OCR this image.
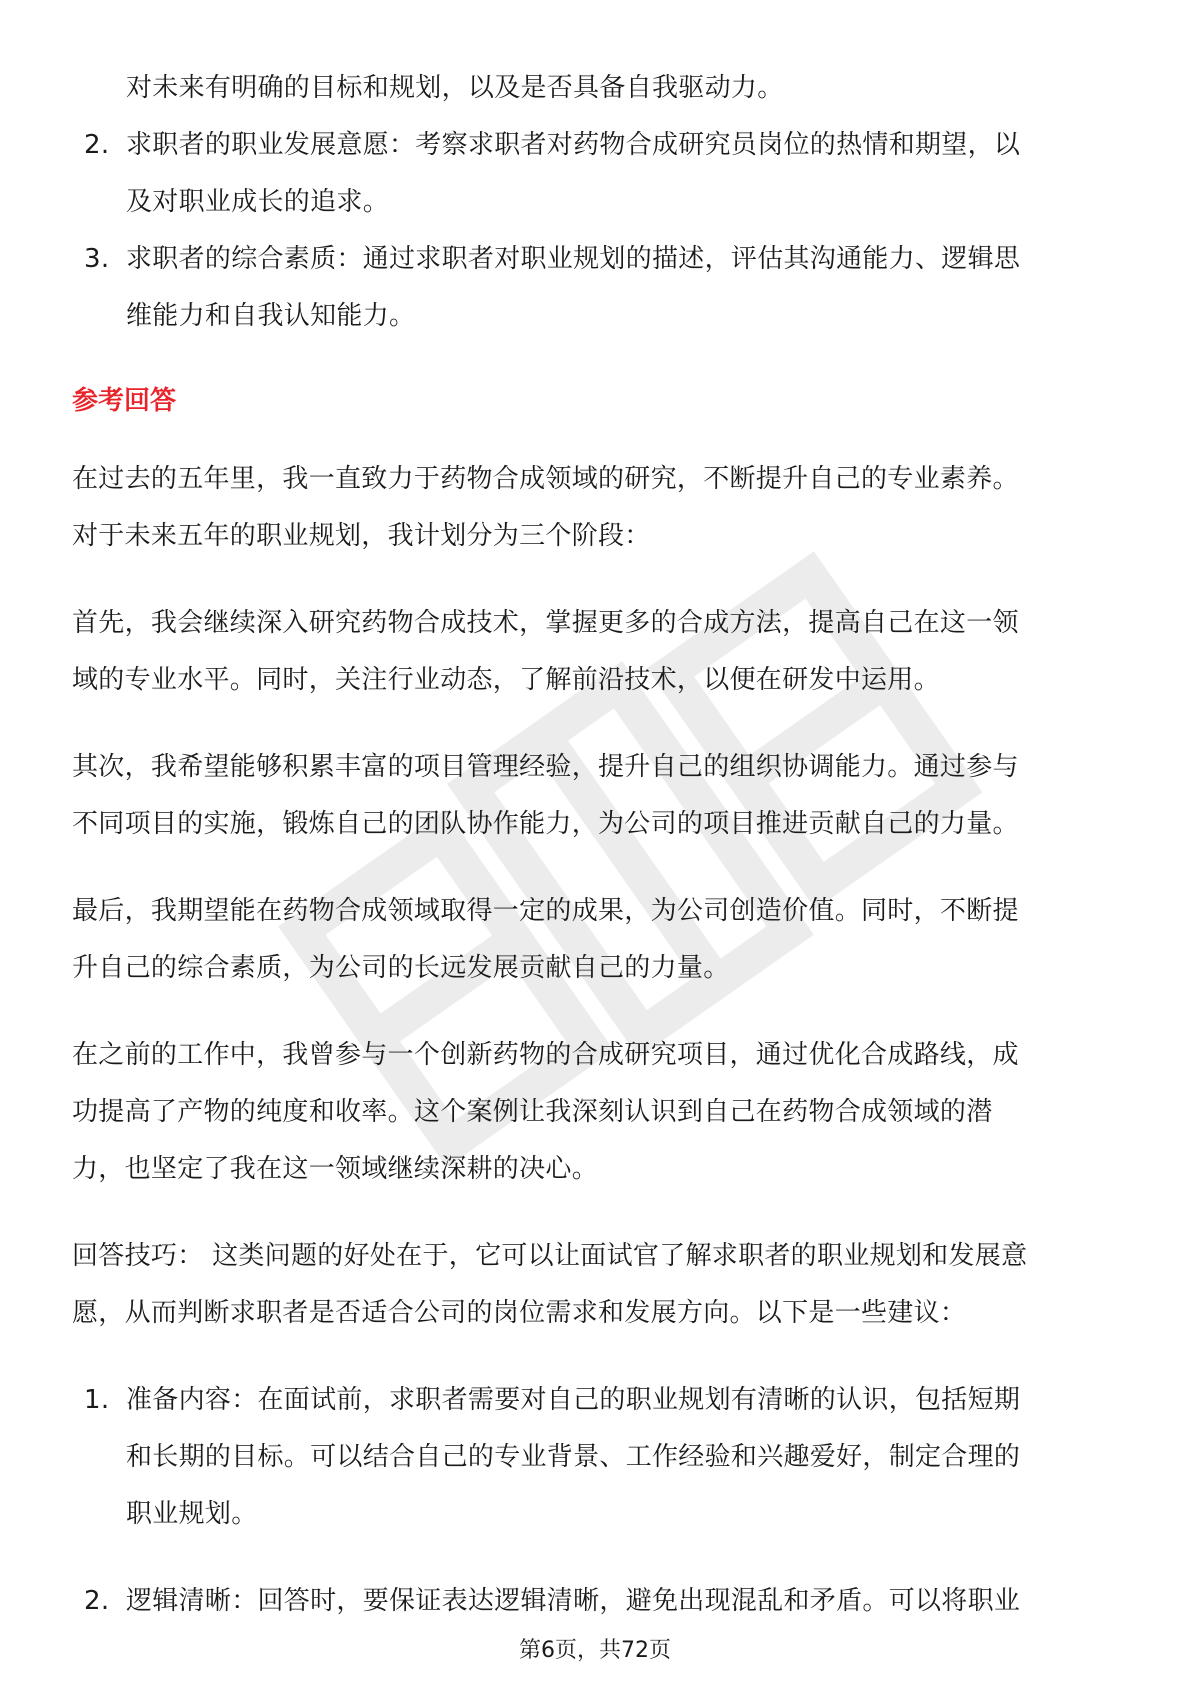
对未来有明确的目标和规划，以及是否具备自我驱动力。
2. 求职者的职业发展意愿：考察求职者对药物合成研究员岗位的热情和期望，以
及对职业成长的追求。
3. 求职者的综合素质：通过求职者对职业规划的描述，评估其沟通能力、逻辑思
维能力和自我认知能力。
参考回答
在过去的五年里，我一直致力于药物合成领域的研究，不断提升自己的专业素养。
对于未来五年的职业规划，我计划分为三个阶段：
首先，我会继续深入研究药物合成技术，掌握更多的合成方法，提高自己在这一领
域的专业水平。同时，关注行业动态，了解前沿技术，以便在研发中运用。
其次，我希望能够积累丰富的项目管理经验，提升自己的组织协调能力。通过参与
不同项目的实施，锻炼自己的团队协作能力，为公司的项目推进贡献自己的力量。
最后，我期望能在药物合成领域取得一定的成果，为公司创造价值。同时，不断提
升自己的综合素质，为公司的长远发展贡献自己的力量。
在之前的工作中，我曾参与一个创新药物的合成研究项目，通过优化合成路线，成
功提高了产物的纯度和收率。这个案例让我深刻认识到自己在药物合成领域的潜
力，也坚定了我在这一领域继续深耕的决心。
回答技巧： 这类问题的好处在于，它可以让面试官了解求职者的职业规划和发展意
愿，从而判断求职者是否适合公司的岗位需求和发展方向。以下是一些建议：
1. 准备内容：在面试前，求职者需要对自己的职业规划有清晰的认识，包括短期
和长期的目标。可以结合自己的专业背景、工作经验和兴趣爱好，制定合理的
职业规划。
2. 逻辑清晰：回答时，要保证表达逻辑清晰，避免出现混乱和矛盾。可以将职业
第6页，共72页
